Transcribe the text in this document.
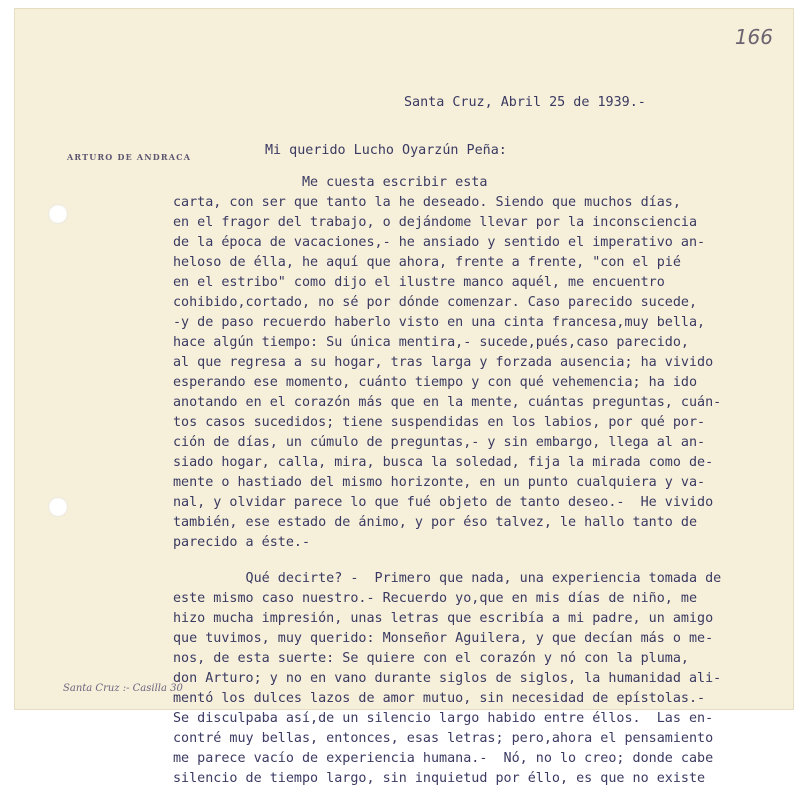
166
ARTURO DE ANDRACA
Santa Cruz, Abril 25 de 1939.-
Mi querido Lucho Oyarzún Peña:
Me cuesta escribir esta
carta, con ser que tanto la he deseado. Siendo que muchos días,
en el fragor del trabajo, o dejándome llevar por la inconsciencia
de la época de vacaciones,- he ansiado y sentido el imperativo an-
heloso de élla, he aquí que ahora, frente a frente, "con el pié
en el estribo" como dijo el ilustre manco aquél, me encuentro
cohibido,cortado, no sé por dónde comenzar. Caso parecido sucede,
-y de paso recuerdo haberlo visto en una cinta francesa,muy bella,
hace algún tiempo: Su única mentira,- sucede,pués,caso parecido,
al que regresa a su hogar, tras larga y forzada ausencia; ha vivido
esperando ese momento, cuánto tiempo y con qué vehemencia; ha ido
anotando en el corazón más que en la mente, cuántas preguntas, cuán-
tos casos sucedidos; tiene suspendidas en los labios, por qué por-
ción de días, un cúmulo de preguntas,- y sin embargo, llega al an-
siado hogar, calla, mira, busca la soledad, fija la mirada como de-
mente o hastiado del mismo horizonte, en un punto cualquiera y va-
nal, y olvidar parece lo que fué objeto de tanto deseo.-  He vivido
también, ese estado de ánimo, y por éso talvez, le hallo tanto de
parecido a éste.-
Qué decirte? -  Primero que nada, una experiencia tomada de
este mismo caso nuestro.- Recuerdo yo,que en mis días de niño, me
hizo mucha impresión, unas letras que escribía a mi padre, un amigo
que tuvimos, muy querido: Monseñor Aguilera, y que decían más o me-
nos, de esta suerte: Se quiere con el corazón y nó con la pluma,
don Arturo; y no en vano durante siglos de siglos, la humanidad ali-
mentó los dulces lazos de amor mutuo, sin necesidad de epístolas.-
Se disculpaba así,de un silencio largo habido entre éllos.  Las en-
contré muy bellas, entonces, esas letras; pero,ahora el pensamiento
me parece vacío de experiencia humana.-  Nó, no lo creo; donde cabe
silencio de tiempo largo, sin inquietud por éllo, es que no existe
Santa Cruz :- Casilla 30
